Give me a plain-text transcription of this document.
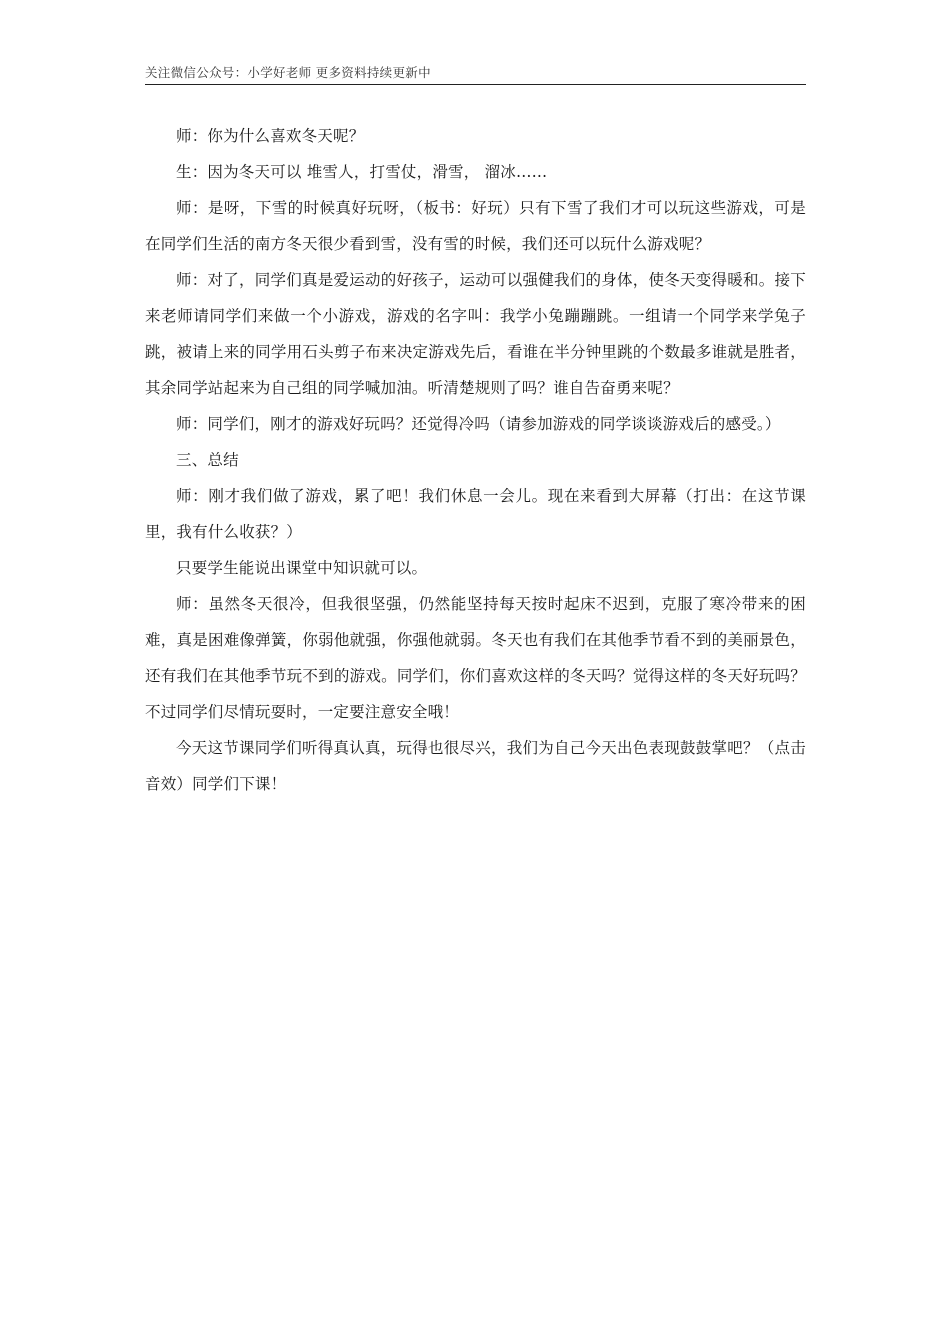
关注微信公众号：小学好老师 更多资料持续更新中

师：你为什么喜欢冬天呢？

生：因为冬天可以 堆雪人，打雪仗，滑雪， 溜冰……

师：是呀，下雪的时候真好玩呀，（板书：好玩）只有下雪了我们才可以玩这些游戏，可是在同学们生活的南方冬天很少看到雪，没有雪的时候，我们还可以玩什么游戏呢？

师：对了，同学们真是爱运动的好孩子，运动可以强健我们的身体，使冬天变得暖和。接下来老师请同学们来做一个小游戏，游戏的名字叫：我学小兔蹦蹦跳。一组请一个同学来学兔子跳，被请上来的同学用石头剪子布来决定游戏先后，看谁在半分钟里跳的个数最多谁就是胜者，其余同学站起来为自己组的同学喊加油。听清楚规则了吗？谁自告奋勇来呢？

师：同学们，刚才的游戏好玩吗？还觉得冷吗（请参加游戏的同学谈谈游戏后的感受。）

三、总结

师：刚才我们做了游戏，累了吧！我们休息一会儿。现在来看到大屏幕（打出：在这节课里，我有什么收获？）

只要学生能说出课堂中知识就可以。

师：虽然冬天很冷，但我很坚强，仍然能坚持每天按时起床不迟到，克服了寒冷带来的困难，真是困难像弹簧，你弱他就强，你强他就弱。冬天也有我们在其他季节看不到的美丽景色，还有我们在其他季节玩不到的游戏。同学们，你们喜欢这样的冬天吗？觉得这样的冬天好玩吗？不过同学们尽情玩耍时，一定要注意安全哦！

今天这节课同学们听得真认真，玩得也很尽兴，我们为自己今天出色表现鼓鼓掌吧？（点击音效）同学们下课！
